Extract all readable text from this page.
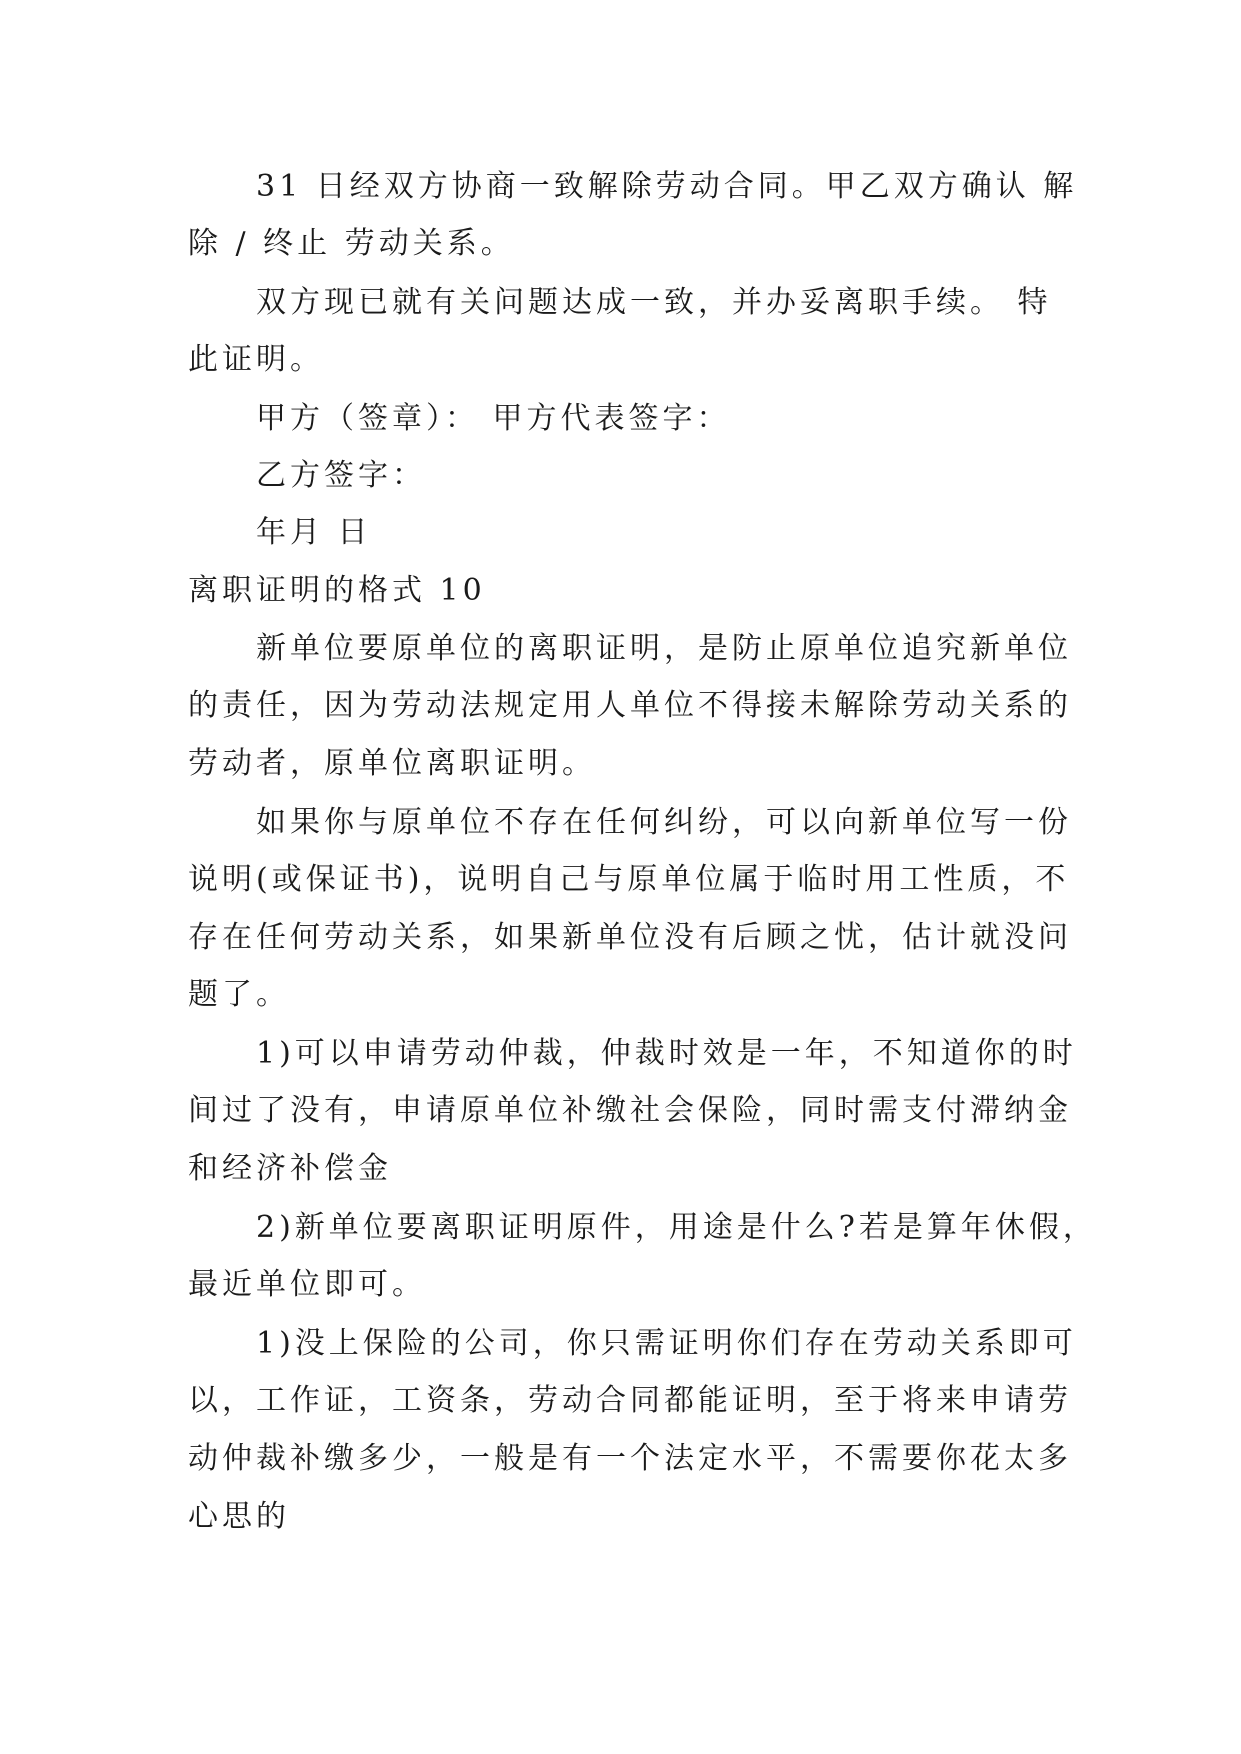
31 日经双方协商一致解除劳动合同。甲乙双方确认 解
除 / 终止 劳动关系。
双方现已就有关问题达成一致，并办妥离职手续。 特
此证明。
甲方（签章）： 甲方代表签字：
乙方签字：
年月 日
离职证明的格式 10
新单位要原单位的离职证明，是防止原单位追究新单位
的责任，因为劳动法规定用人单位不得接未解除劳动关系的
劳动者，原单位离职证明。
如果你与原单位不存在任何纠纷，可以向新单位写一份
说明(或保证书)，说明自己与原单位属于临时用工性质，不
存在任何劳动关系，如果新单位没有后顾之忧，估计就没问
题了。
1)可以申请劳动仲裁，仲裁时效是一年，不知道你的时
间过了没有，申请原单位补缴社会保险，同时需支付滞纳金
和经济补偿金
2)新单位要离职证明原件，用途是什么?若是算年休假，
最近单位即可。
1)没上保险的公司，你只需证明你们存在劳动关系即可
以，工作证，工资条，劳动合同都能证明，至于将来申请劳
动仲裁补缴多少，一般是有一个法定水平，不需要你花太多
心思的
